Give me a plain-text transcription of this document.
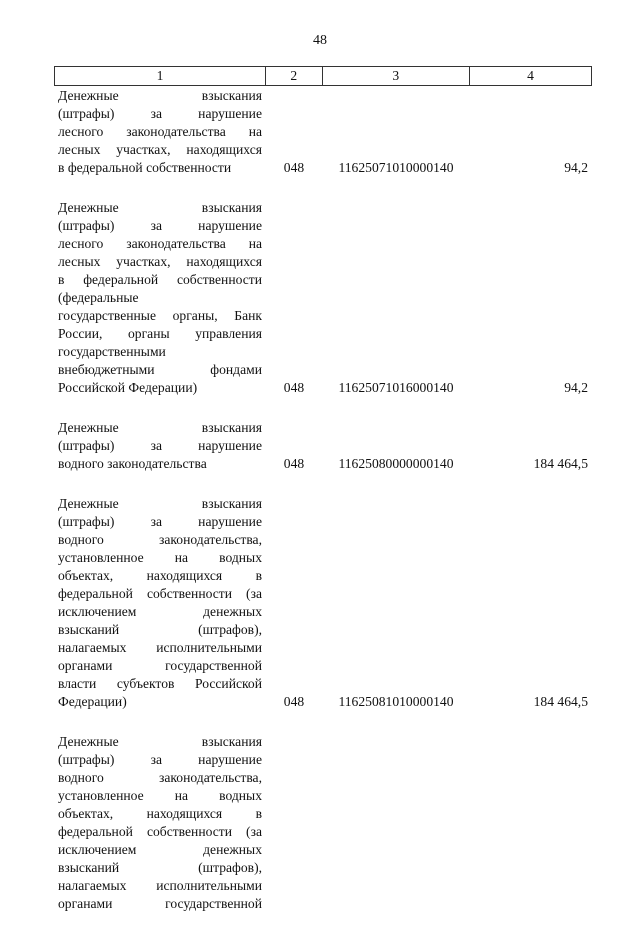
48
1	2	3	4
Денежные взыскания
(штрафы) за нарушение
лесного законодательства на
лесных участках, находящихся
в федеральной собственности	048	11625071010000140	94,2
Денежные взыскания
(штрафы) за нарушение
лесного законодательства на
лесных участках, находящихся
в федеральной собственности
(федеральные
государственные органы, Банк
России, органы управления
государственными
внебюджетными фондами
Российской Федерации)	048	11625071016000140	94,2
Денежные взыскания
(штрафы) за нарушение
водного законодательства	048	11625080000000140	184 464,5
Денежные взыскания
(штрафы) за нарушение
водного законодательства,
установленное на водных
объектах, находящихся в
федеральной собственности (за
исключением денежных
взысканий (штрафов),
налагаемых исполнительными
органами государственной
власти субъектов Российской
Федерации)	048	11625081010000140	184 464,5
Денежные взыскания
(штрафы) за нарушение
водного законодательства,
установленное на водных
объектах, находящихся в
федеральной собственности (за
исключением денежных
взысканий (штрафов),
налагаемых исполнительными
органами государственной
